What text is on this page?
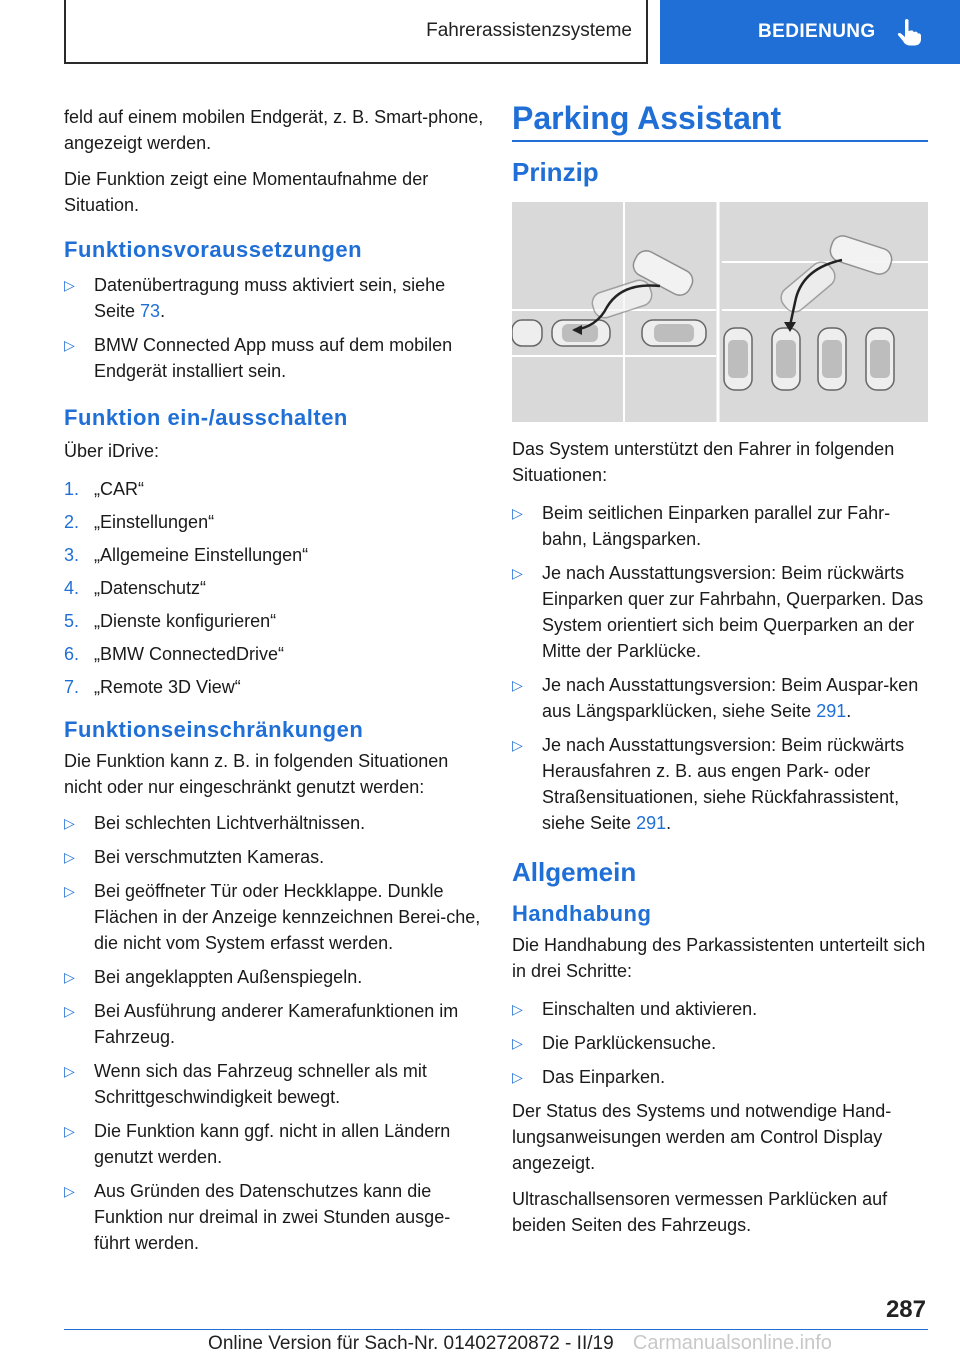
Fahrerassistenzsysteme	BEDIENUNG

feld auf einem mobilen Endgerät, z. B. Smart‐phone, angezeigt werden.

Die Funktion zeigt eine Momentaufnahme der Situation.

Funktionsvoraussetzungen
▷ Datenübertragung muss aktiviert sein, siehe Seite 73.
▷ BMW Connected App muss auf dem mobilen Endgerät installiert sein.
Funktion ein-/ausschalten

Über iDrive:

1. „CAR“
2. „Einstellungen“
3. „Allgemeine Einstellungen“
4. „Datenschutz“
5. „Dienste konfigurieren“
6. „BMW ConnectedDrive“
7. „Remote 3D View“
Funktionseinschränkungen

Die Funktion kann z. B. in folgenden Situationen nicht oder nur eingeschränkt genutzt werden:

▷ Bei schlechten Lichtverhältnissen.
▷ Bei verschmutzten Kameras.
▷ Bei geöffneter Tür oder Heckklappe. Dunkle Flächen in der Anzeige kennzeichnen Berei‐che, die nicht vom System erfasst werden.
▷ Bei angeklappten Außenspiegeln.
▷ Bei Ausführung anderer Kamerafunktionen im Fahrzeug.
▷ Wenn sich das Fahrzeug schneller als mit Schrittgeschwindigkeit bewegt.
▷ Die Funktion kann ggf. nicht in allen Ländern genutzt werden.
▷ Aus Gründen des Datenschutzes kann die Funktion nur dreimal in zwei Stunden ausge‐führt werden.
Parking Assistant
Prinzip

Das System unterstützt den Fahrer in folgenden Situationen:

▷ Beim seitlichen Einparken parallel zur Fahr‐bahn, Längsparken.
▷ Je nach Ausstattungsversion: Beim rückwärts Einparken quer zur Fahrbahn, Querparken. Das System orientiert sich beim Querparken an der Mitte der Parklücke.
▷ Je nach Ausstattungsversion: Beim Auspar‐ken aus Längsparklücken, siehe Seite 291.
▷ Je nach Ausstattungsversion: Beim rückwärts Herausfahren z. B. aus engen Park- oder Straßensituationen, siehe Rückfahrassistent, siehe Seite 291.
Allgemein
Handhabung

Die Handhabung des Parkassistenten unterteilt sich in drei Schritte:

▷ Einschalten und aktivieren.
▷ Die Parklückensuche.
▷ Das Einparken.

Der Status des Systems und notwendige Hand‐lungsanweisungen werden am Control Display angezeigt.

Ultraschallsensoren vermessen Parklücken auf beiden Seiten des Fahrzeugs.

287
Online Version für Sach-Nr. 01402720872 - II/19 Carmanualsonline.info
